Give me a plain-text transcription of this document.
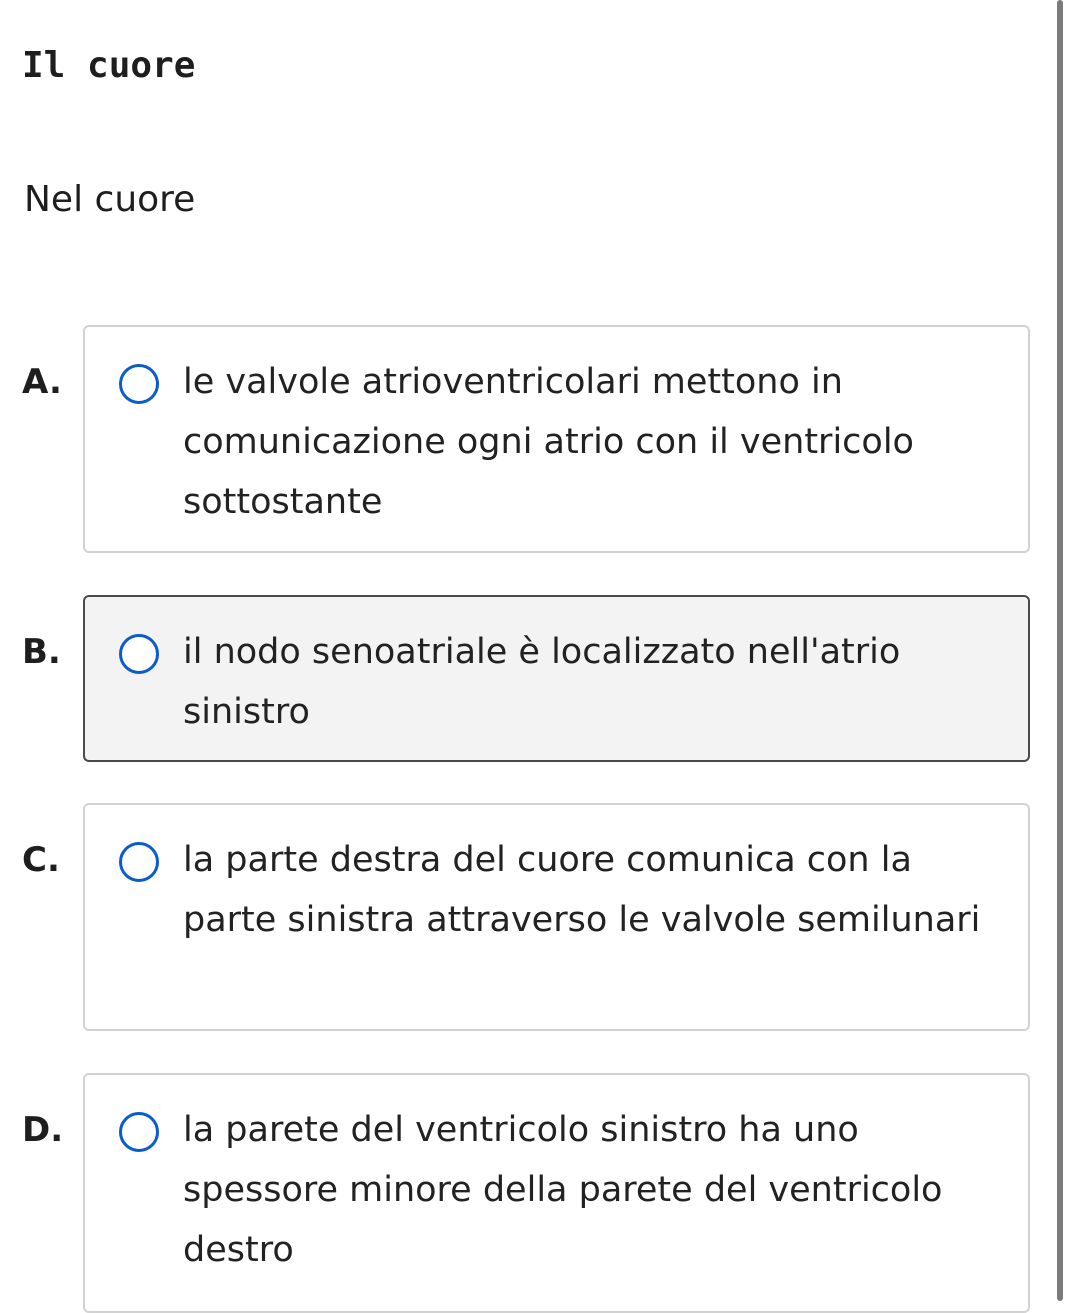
Il cuore

Nel cuore

A.	le valvole atrioventricolari mettono in comunicazione ogni atrio con il ventricolo sottostante
B.	il nodo senoatriale è localizzato nell'atrio sinistro
C.	la parte destra del cuore comunica con la parte sinistra attraverso le valvole semilunari
D.	la parete del ventricolo sinistro ha uno spessore minore della parete del ventricolo destro
